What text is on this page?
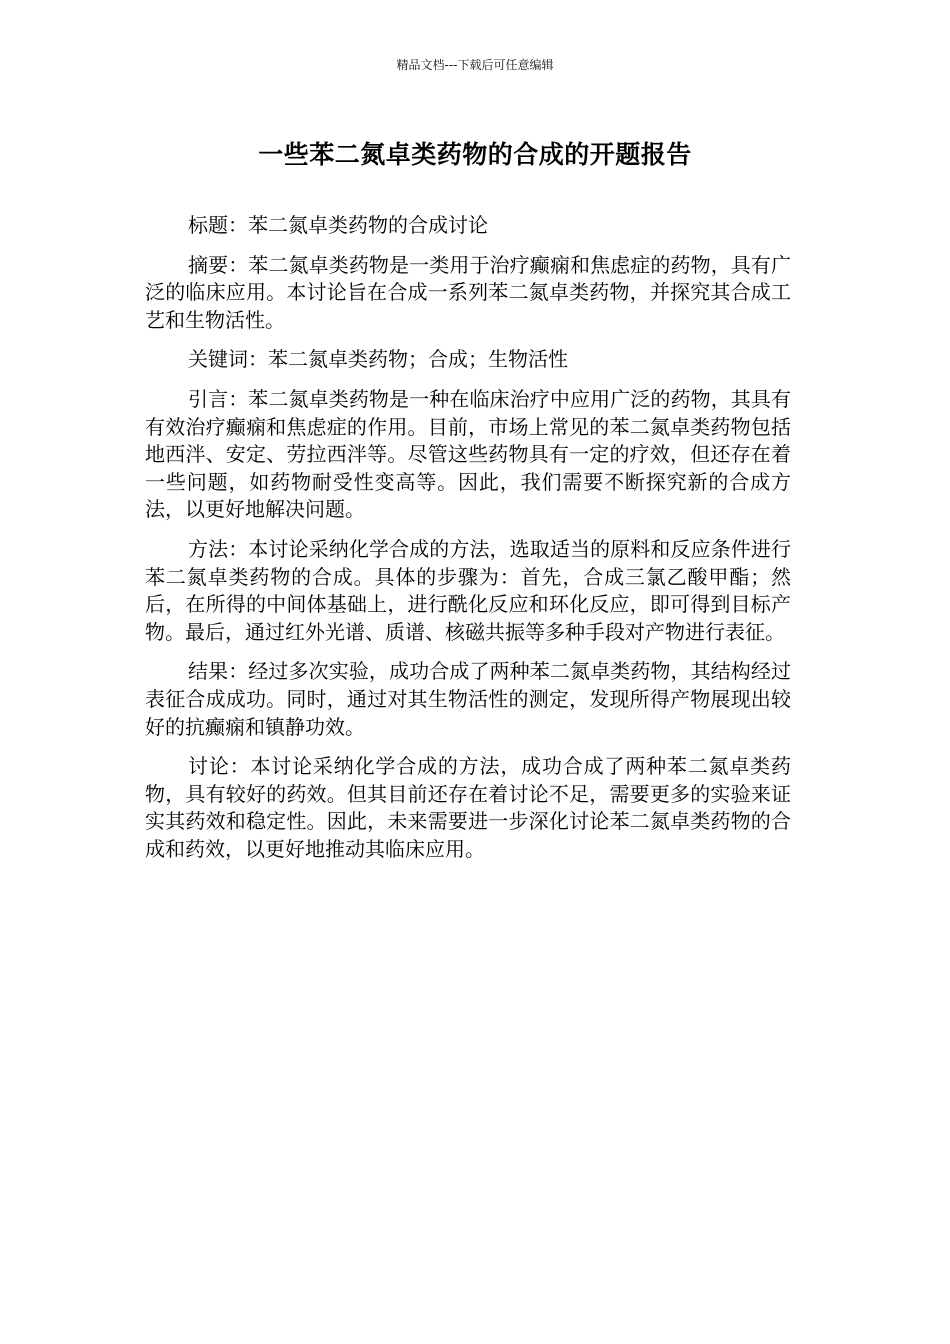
精品文档---下载后可任意编辑
一些苯二氮卓类药物的合成的开题报告

标题：苯二氮卓类药物的合成讨论

摘要：苯二氮卓类药物是一类用于治疗癫痫和焦虑症的药物，具有广泛的临床应用。本讨论旨在合成一系列苯二氮卓类药物，并探究其合成工艺和生物活性。

关键词：苯二氮卓类药物；合成；生物活性

引言：苯二氮卓类药物是一种在临床治疗中应用广泛的药物，其具有有效治疗癫痫和焦虑症的作用。目前，市场上常见的苯二氮卓类药物包括地西泮、安定、劳拉西泮等。尽管这些药物具有一定的疗效，但还存在着一些问题，如药物耐受性变高等。因此，我们需要不断探究新的合成方法，以更好地解决问题。

方法：本讨论采纳化学合成的方法，选取适当的原料和反应条件进行苯二氮卓类药物的合成。具体的步骤为：首先，合成三氯乙酸甲酯；然后，在所得的中间体基础上，进行酰化反应和环化反应，即可得到目标产物。最后，通过红外光谱、质谱、核磁共振等多种手段对产物进行表征。

结果：经过多次实验，成功合成了两种苯二氮卓类药物，其结构经过表征合成成功。同时，通过对其生物活性的测定，发现所得产物展现出较好的抗癫痫和镇静功效。

讨论：本讨论采纳化学合成的方法，成功合成了两种苯二氮卓类药物，具有较好的药效。但其目前还存在着讨论不足，需要更多的实验来证实其药效和稳定性。因此，未来需要进一步深化讨论苯二氮卓类药物的合成和药效，以更好地推动其临床应用。
